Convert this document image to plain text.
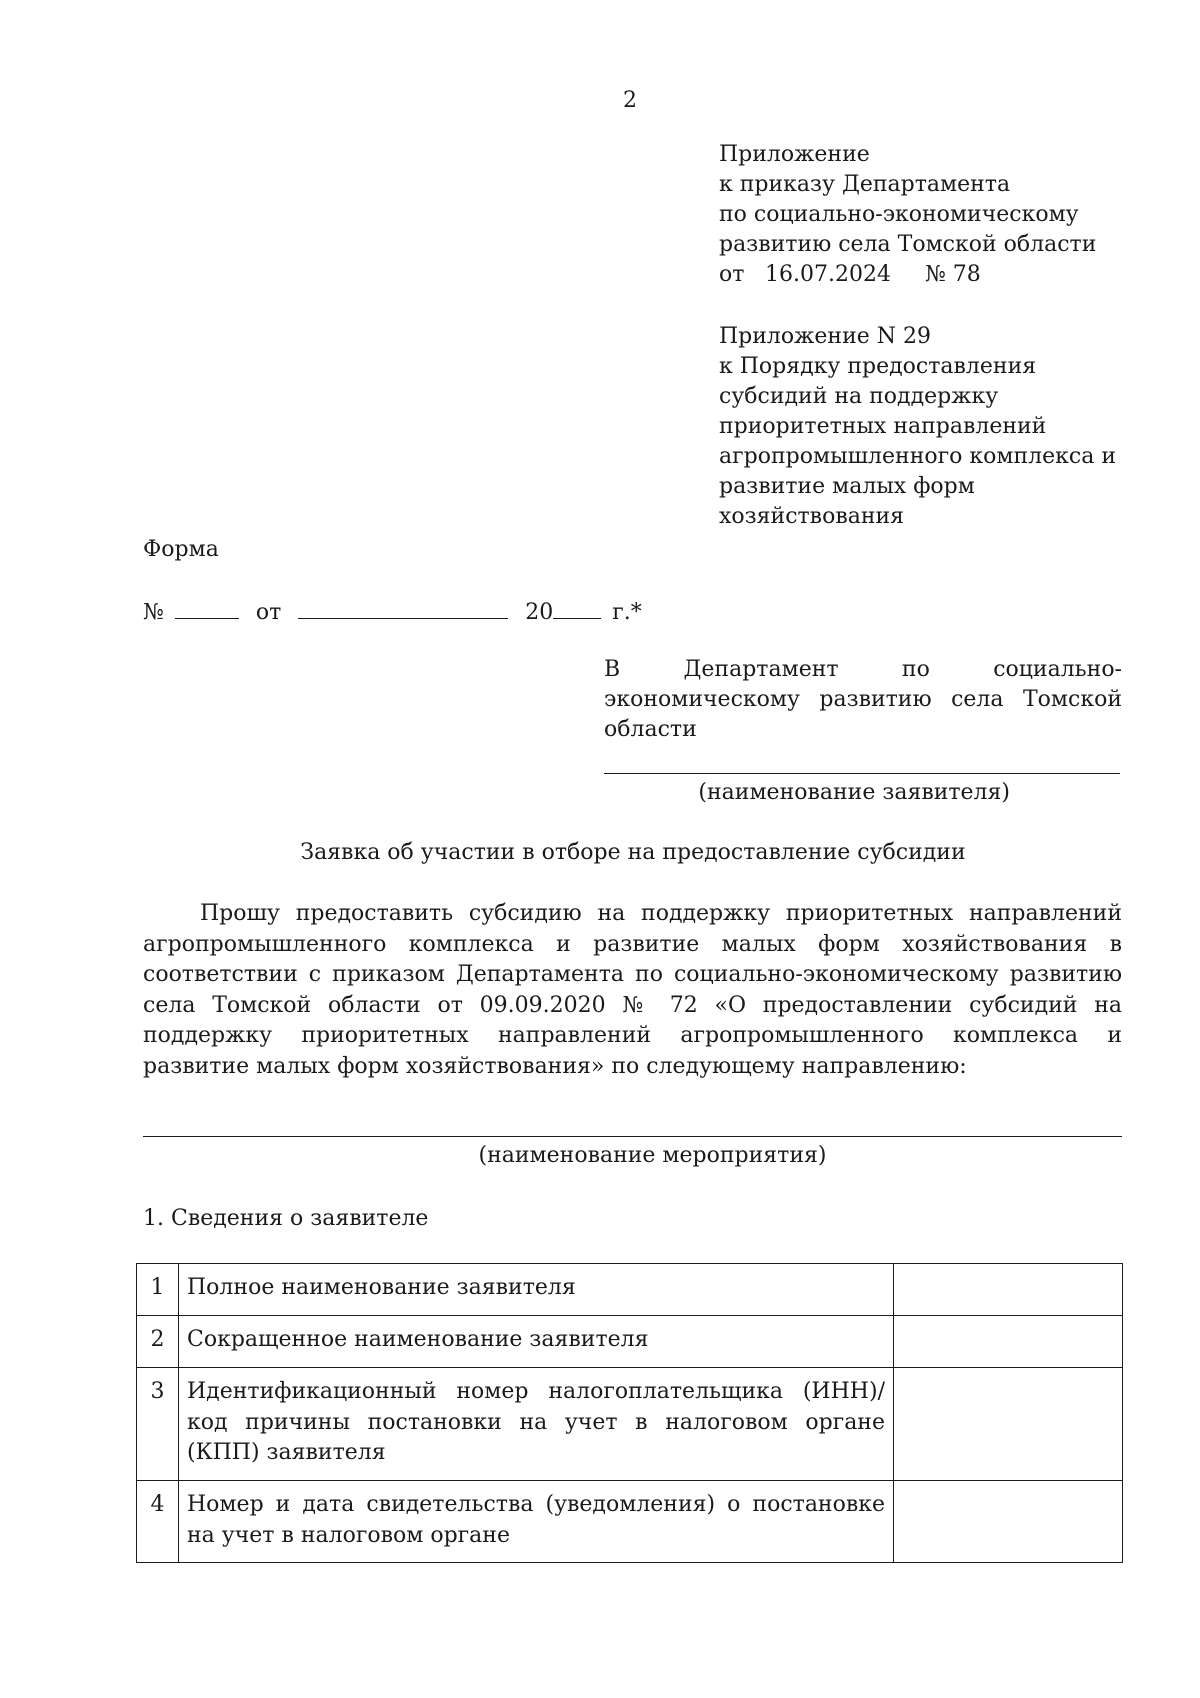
2
Приложение
к приказу Департамента
по социально-экономическому
развитию села Томской области
от 16.07.2024 № 78
Приложение N 29
к Порядку предоставления
субсидий на поддержку
приоритетных направлений
агропромышленного комплекса и
развитие малых форм
хозяйствования
Форма
№	от	20	г.*
В	Департамент	по	социально-
экономическому развитию села Томской
области
(наименование заявителя)
Заявка об участии в отборе на предоставление субсидии
Прошу предоставить субсидию на поддержку приоритетных направлений агропромышленного комплекса и развитие малых форм хозяйствования в соответствии с приказом Департамента по социально-экономическому развитию села Томской области от 09.09.2020 № 72 «О предоставлении субсидий на поддержку приоритетных направлений агропромышленного комплекса и развитие малых форм хозяйствования» по следующему направлению:
(наименование мероприятия)
1. Сведения о заявителе
1	Полное наименование заявителя	
2	Сокращенное наименование заявителя	
3	Идентификационный номер налогоплательщика (ИНН)/ код причины постановки на учет в налоговом органе (КПП) заявителя	
4	Номер и дата свидетельства (уведомления) о постановке на учет в налоговом органе	
